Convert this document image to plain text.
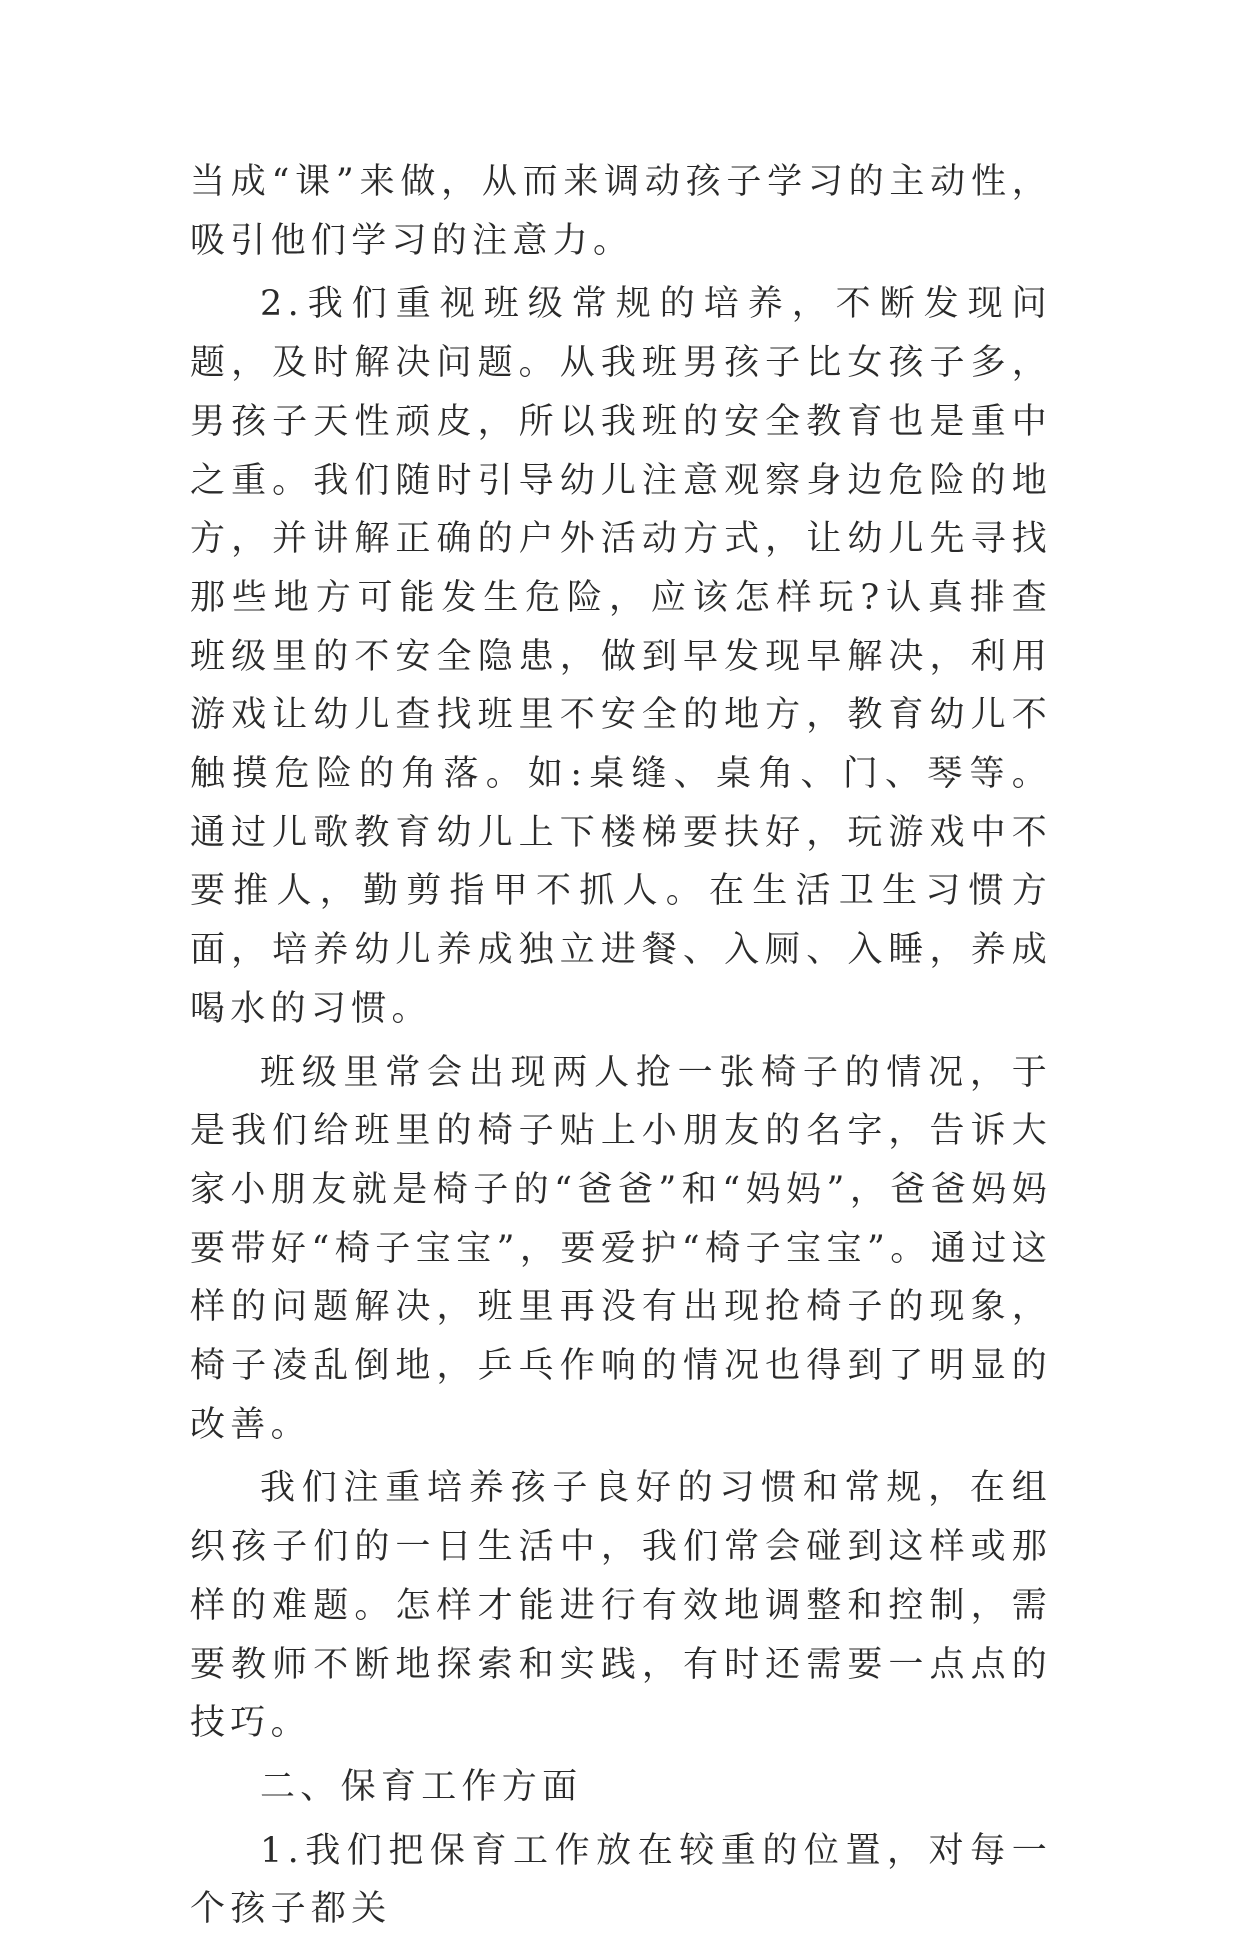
当成“课”来做，从而来调动孩子学习的主动性，吸引他们学习的注意力。

2.我们重视班级常规的培养，不断发现问题，及时解决问题。从我班男孩子比女孩子多，男孩子天性顽皮，所以我班的安全教育也是重中之重。我们随时引导幼儿注意观察身边危险的地方，并讲解正确的户外活动方式，让幼儿先寻找那些地方可能发生危险，应该怎样玩?认真排查班级里的不安全隐患，做到早发现早解决，利用游戏让幼儿查找班里不安全的地方，教育幼儿不触摸危险的角落。如:桌缝、桌角、门、琴等。通过儿歌教育幼儿上下楼梯要扶好，玩游戏中不要推人，勤剪指甲不抓人。在生活卫生习惯方面，培养幼儿养成独立进餐、入厕、入睡，养成喝水的习惯。

班级里常会出现两人抢一张椅子的情况，于是我们给班里的椅子贴上小朋友的名字，告诉大家小朋友就是椅子的“爸爸”和“妈妈”，爸爸妈妈要带好“椅子宝宝”，要爱护“椅子宝宝”。通过这样的问题解决，班里再没有出现抢椅子的现象，椅子凌乱倒地，乒乓作响的情况也得到了明显的改善。

我们注重培养孩子良好的习惯和常规，在组织孩子们的一日生活中，我们常会碰到这样或那样的难题。怎样才能进行有效地调整和控制，需要教师不断地探索和实践，有时还需要一点点的技巧。

二、保育工作方面

1.我们把保育工作放在较重的位置，对每一个孩子都关
